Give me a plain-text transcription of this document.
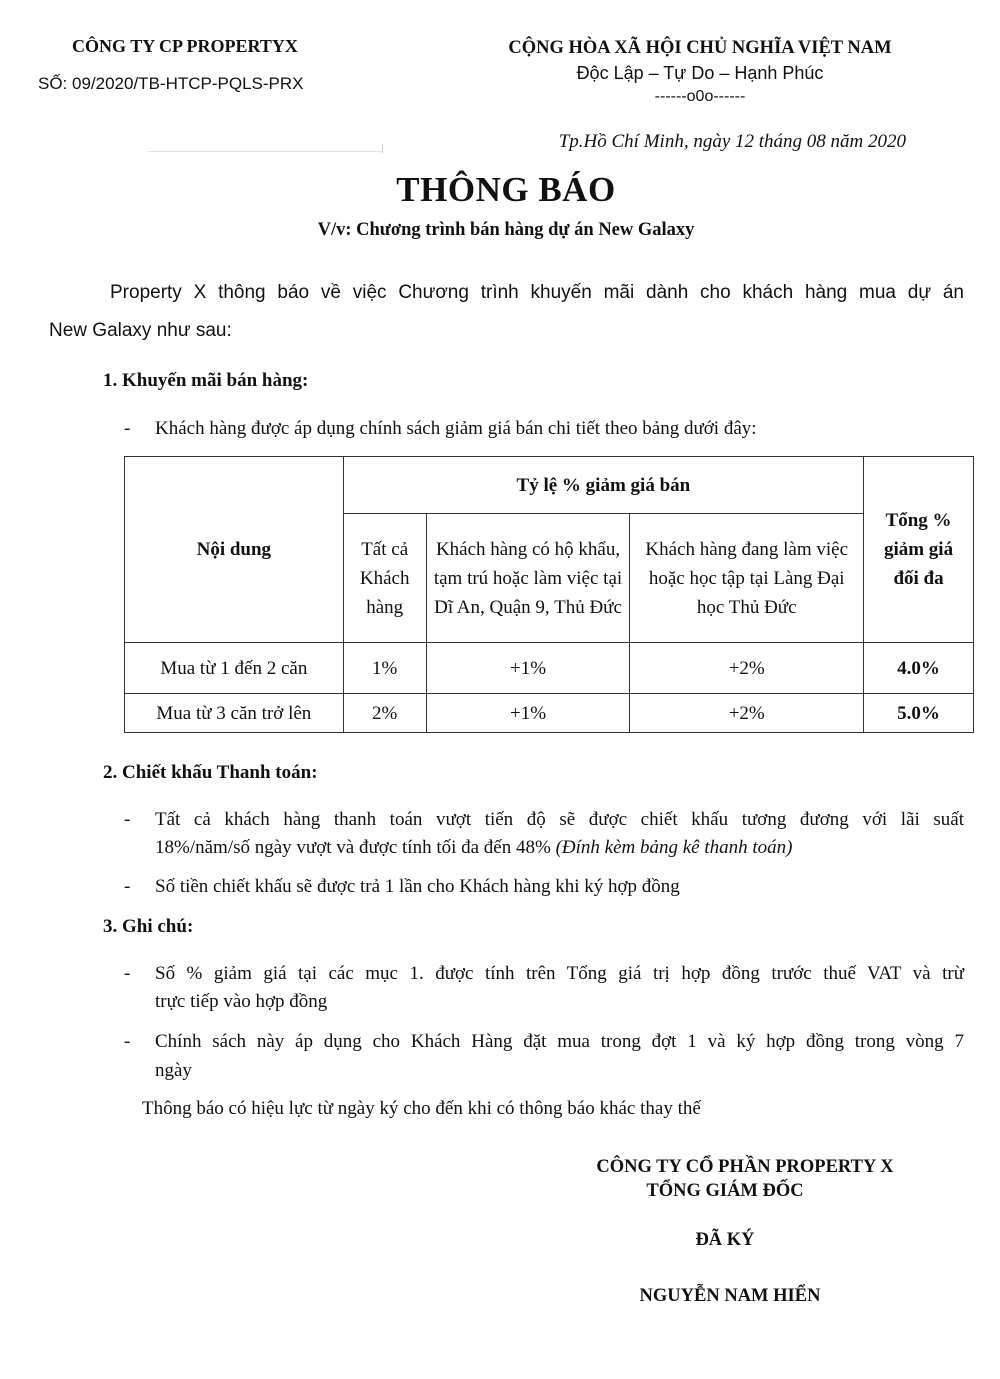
CÔNG TY CP PROPERTYX
SỐ: 09/2020/TB-HTCP-PQLS-PRX
CỘNG HÒA XÃ HỘI CHỦ NGHĨA VIỆT NAM
Độc Lập – Tự Do – Hạnh Phúc
------o0o------
Tp.Hồ Chí Minh, ngày 12 tháng 08 năm 2020
THÔNG BÁO
V/v: Chương trình bán hàng dự án New Galaxy
Property X thông báo về việc Chương trình khuyến mãi dành cho khách hàng mua dự án
New Galaxy như sau:
1. Khuyến mãi bán hàng:
- Khách hàng được áp dụng chính sách giảm giá bán chi tiết theo bảng dưới đây:
Nội dung	Tỷ lệ % giảm giá bán			Tổng % giảm giá đối đa
	Tất cả Khách hàng	Khách hàng có hộ khẩu, tạm trú hoặc làm việc tại Dĩ An, Quận 9, Thủ Đức	Khách hàng đang làm việc hoặc học tập tại Làng Đại học Thủ Đức	
Mua từ 1 đến 2 căn	1%	+1%	+2%	4.0%
Mua từ 3 căn trở lên	2%	+1%	+2%	5.0%
2. Chiết khấu Thanh toán:
- Tất cả khách hàng thanh toán vượt tiến độ sẽ được chiết khấu tương đương với lãi suất
18%/năm/số ngày vượt và được tính tối đa đến 48% (Đính kèm bảng kê thanh toán)
- Số tiền chiết khấu sẽ được trả 1 lần cho Khách hàng khi ký hợp đồng
3. Ghi chú:
- Số % giảm giá tại các mục 1. được tính trên Tổng giá trị hợp đồng trước thuế VAT và trừ
trực tiếp vào hợp đồng
- Chính sách này áp dụng cho Khách Hàng đặt mua trong đợt 1 và ký hợp đồng trong vòng 7
ngày
Thông báo có hiệu lực từ ngày ký cho đến khi có thông báo khác thay thế
CÔNG TY CỔ PHẦN PROPERTY X
TỔNG GIÁM ĐỐC
ĐÃ KÝ
NGUYỄN NAM HIỂN
